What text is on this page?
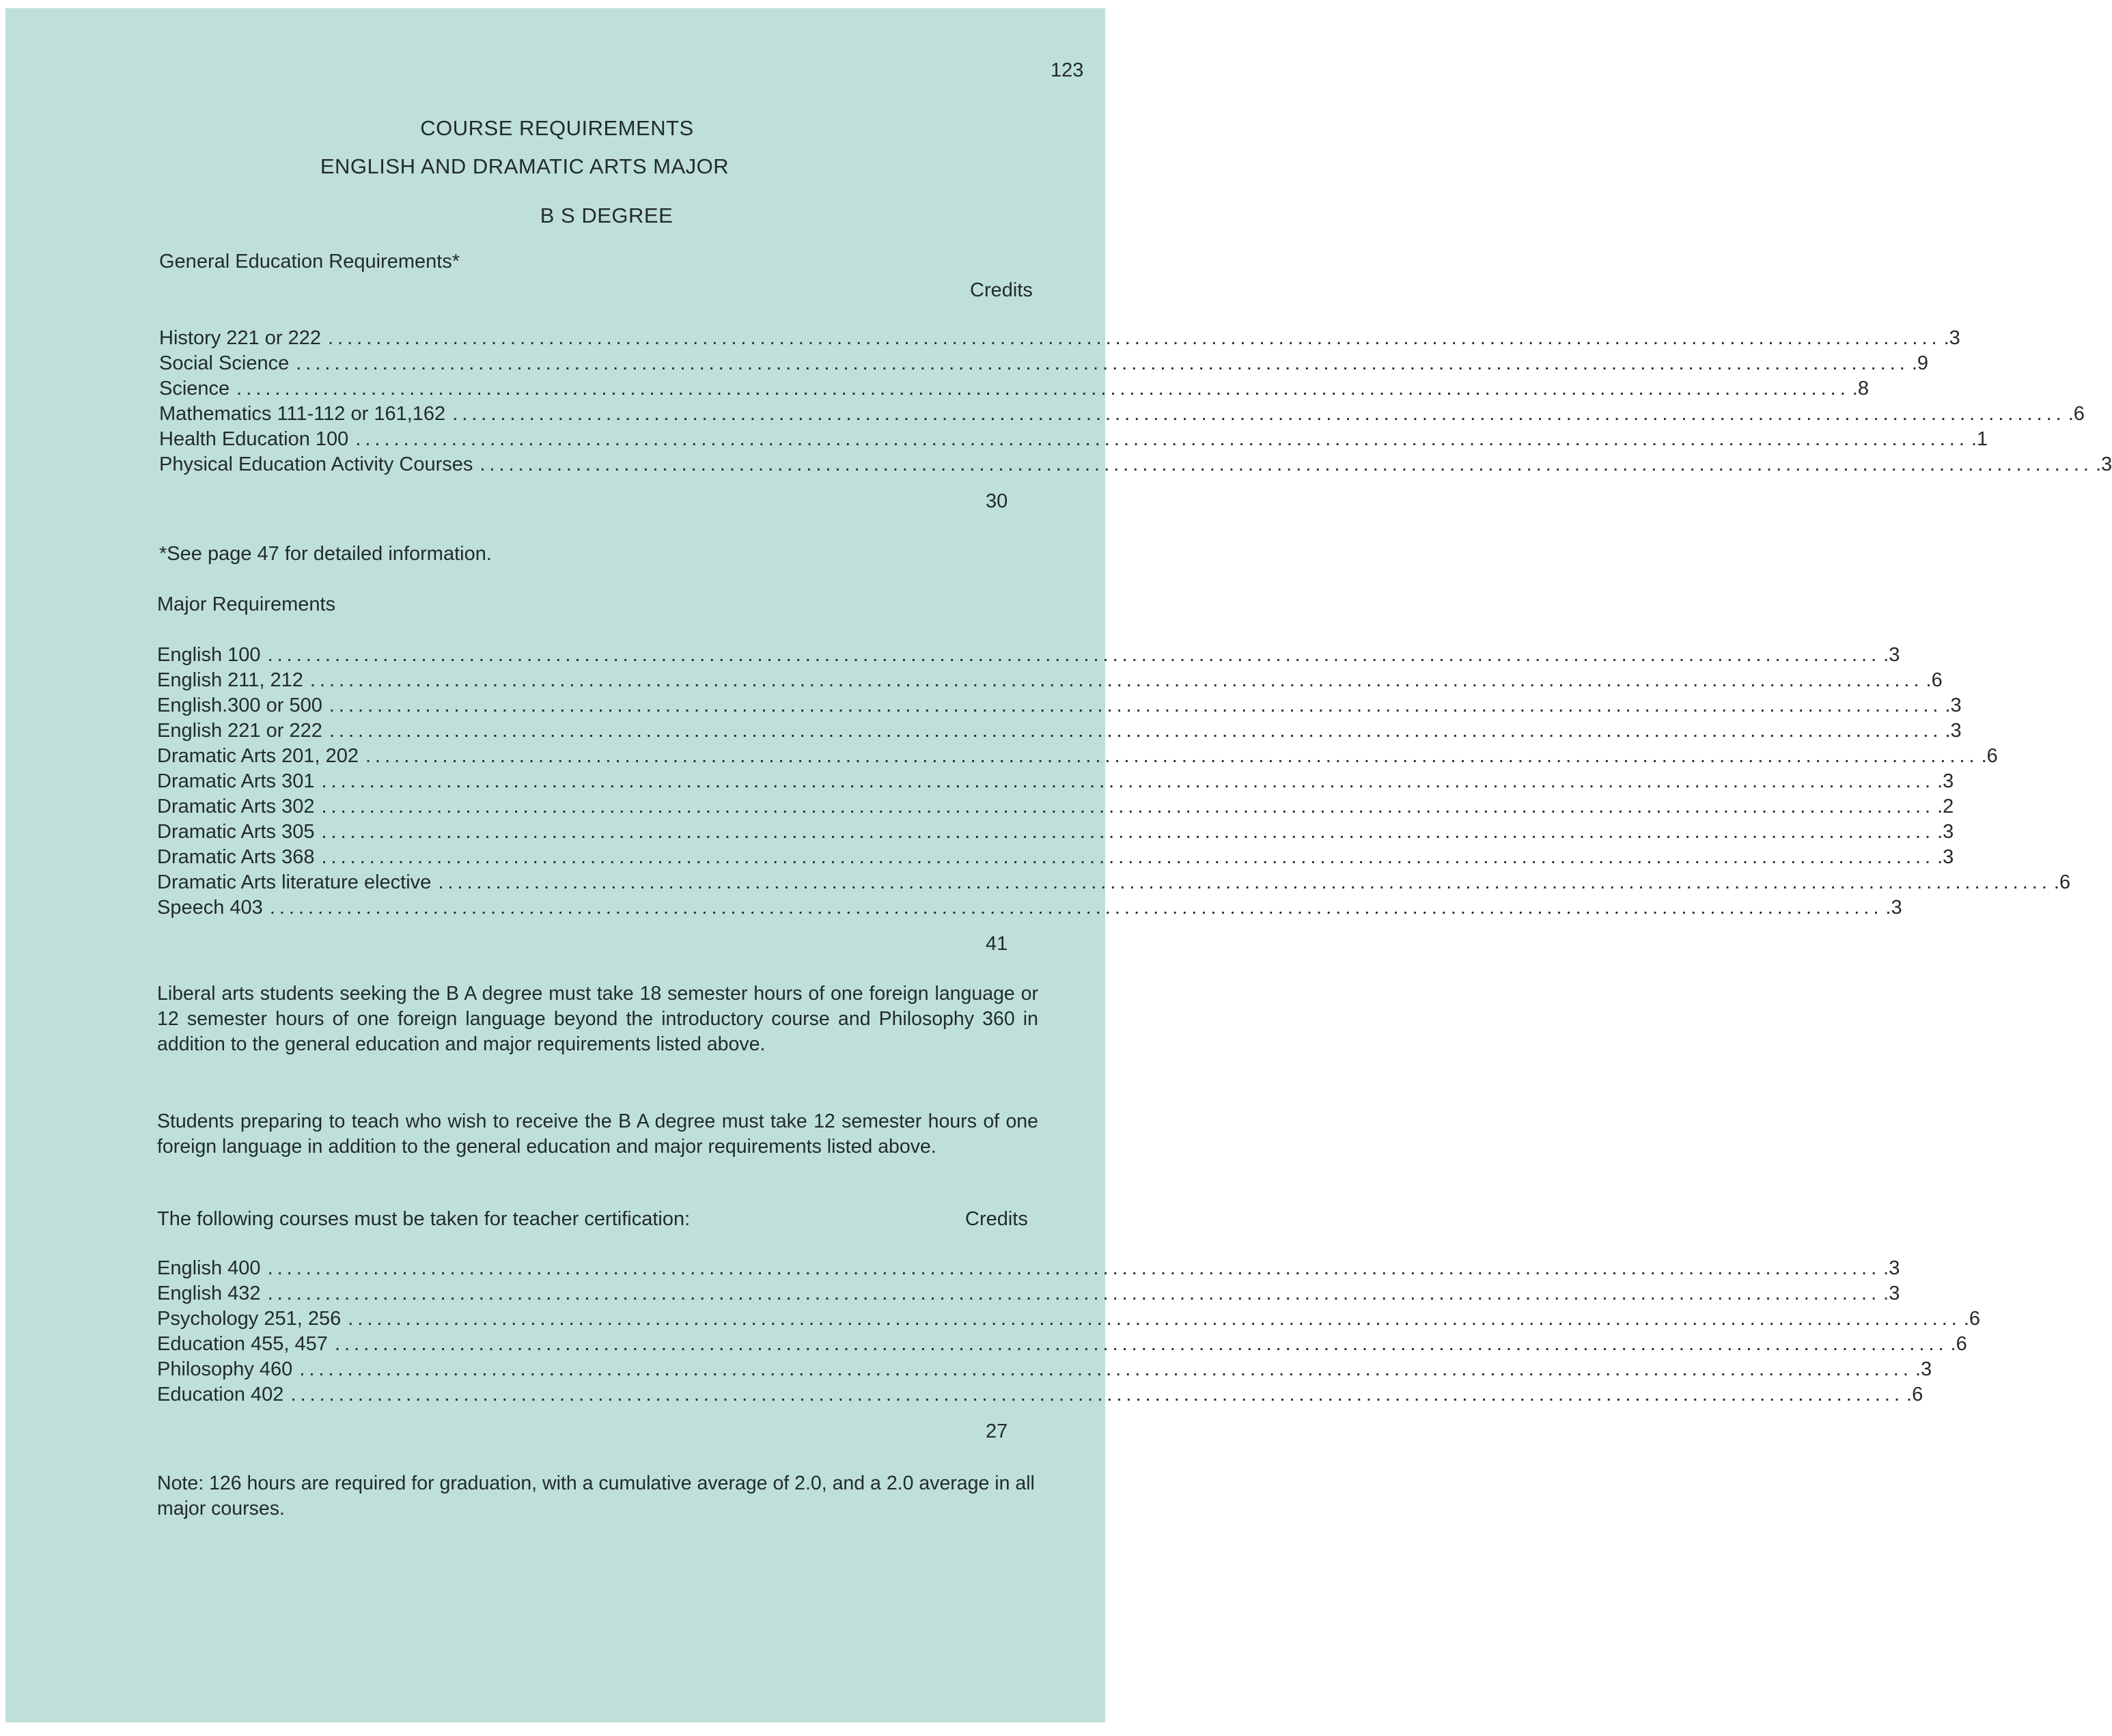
123
COURSE REQUIREMENTS
ENGLISH AND DRAMATIC ARTS MAJOR
B S DEGREE
General Education Requirements*
Credits
History 221 or 222 ........................................................................................................................................................................ .3
Social Science ........................................................................................................................................................................ .9
Science ........................................................................................................................................................................ .8
Mathematics 111-112 or 161,162 ........................................................................................................................................................................ .6
Health Education 100 ........................................................................................................................................................................ .1
Physical Education Activity Courses ........................................................................................................................................................................ .3
30
*See page 47 for detailed information.
Major Requirements
English 100 ........................................................................................................................................................................ .3
English 211, 212 ........................................................................................................................................................................ .6
English.300 or 500 ........................................................................................................................................................................ .3
English 221 or 222 ........................................................................................................................................................................ .3
Dramatic Arts 201, 202 ........................................................................................................................................................................ .6
Dramatic Arts 301 ........................................................................................................................................................................ .3
Dramatic Arts 302 ........................................................................................................................................................................ .2
Dramatic Arts 305 ........................................................................................................................................................................ .3
Dramatic Arts 368 ........................................................................................................................................................................ .3
Dramatic Arts literature elective ........................................................................................................................................................................ .6
Speech 403 ........................................................................................................................................................................ .3
41
Liberal arts students seeking the B A degree must take 18 semester hours of one foreign language or 12 semester hours of one foreign language beyond the introductory course and Philosophy 360 in addition to the general education and major requirements listed above.
Students preparing to teach who wish to receive the B A degree must take 12 semester hours of one foreign language in addition to the general education and major requirements listed above.
The following courses must be taken for teacher certification:	Credits
English 400 ........................................................................................................................................................................ .3
English 432 ........................................................................................................................................................................ .3
Psychology 251, 256 ........................................................................................................................................................................ .6
Education 455, 457 ........................................................................................................................................................................ .6
Philosophy 460 ........................................................................................................................................................................ .3
Education 402 ........................................................................................................................................................................ .6
27
Note: 126 hours are required for graduation, with a cumulative average of 2.0, and a 2.0 average in all major courses.
